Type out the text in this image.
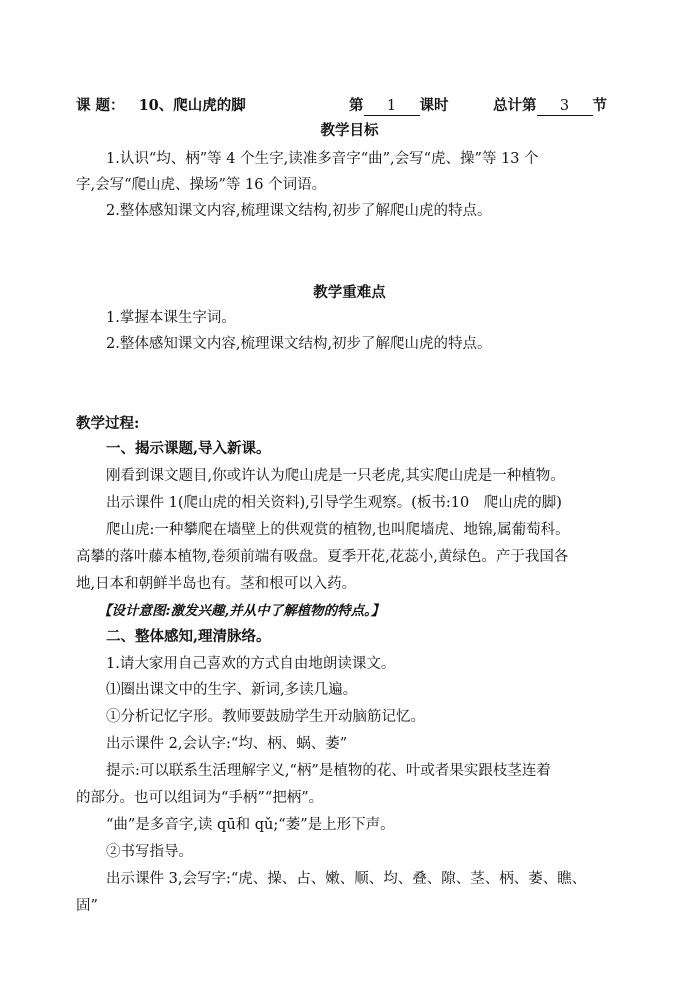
课 题： 10、爬山虎的脚	第 1 课时	总计第 3 节
教学目标
1.认识“均、柄”等 4 个生字,读准多音字“曲”,会写“虎、操”等 13 个
字,会写“爬山虎、操场”等 16 个词语。
2.整体感知课文内容,梳理课文结构,初步了解爬山虎的特点。
教学重难点
1.掌握本课生字词。
2.整体感知课文内容,梳理课文结构,初步了解爬山虎的特点。
教学过程:
一、揭示课题,导入新课。
刚看到课文题目,你或许认为爬山虎是一只老虎,其实爬山虎是一种植物。
出示课件 1(爬山虎的相关资料),引导学生观察。(板书:10　爬山虎的脚)
爬山虎:一种攀爬在墙壁上的供观赏的植物,也叫爬墙虎、地锦,属葡萄科。
高攀的落叶藤本植物,卷须前端有吸盘。夏季开花,花蕊小,黄绿色。产于我国各
地,日本和朝鲜半岛也有。茎和根可以入药。
【设计意图:激发兴趣,并从中了解植物的特点。】
二、整体感知,理清脉络。
1.请大家用自己喜欢的方式自由地朗读课文。
⑴圈出课文中的生字、新词,多读几遍。
①分析记忆字形。教师要鼓励学生开动脑筋记忆。
出示课件 2,会认字:“均、柄、蜗、萎”
提示:可以联系生活理解字义,“柄”是植物的花、叶或者果实跟枝茎连着
的部分。也可以组词为“手柄”“把柄”。
“曲”是多音字,读 qū和 qǔ;“萎”是上形下声。
②书写指导。
出示课件 3,会写字:“虎、操、占、嫩、顺、均、叠、隙、茎、柄、萎、瞧、
固”
